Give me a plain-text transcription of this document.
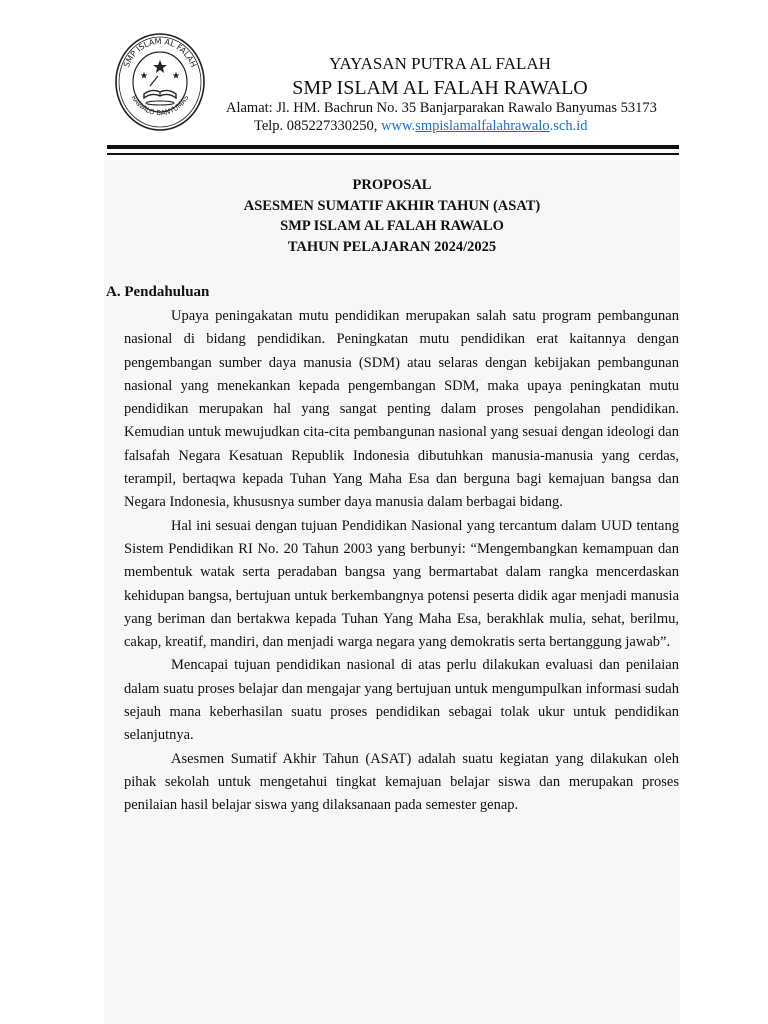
SMP ISLAM AL FALAH
RAWALO BANYUMAS
YAYASAN PUTRA AL FALAH
SMP ISLAM AL FALAH RAWALO
Alamat: Jl. HM. Bachrun No. 35 Banjarparakan Rawalo Banyumas 53173
Telp. 085227330250, www.smpislamalfalahrawalo.sch.id
PROPOSAL
ASESMEN SUMATIF AKHIR TAHUN (ASAT)
SMP ISLAM AL FALAH RAWALO
TAHUN PELAJARAN 2024/2025
A. Pendahuluan

Upaya peningakatan mutu pendidikan merupakan salah satu program pembangunan nasional di bidang pendidikan. Peningkatan mutu pendidikan erat kaitannya dengan pengembangan sumber daya manusia (SDM) atau selaras dengan kebijakan pembangunan nasional yang menekankan kepada pengembangan SDM, maka upaya peningkatan mutu pendidikan merupakan hal yang sangat penting dalam proses pengolahan pendidikan. Kemudian untuk mewujudkan cita-cita pembangunan nasional yang sesuai dengan ideologi dan falsafah Negara Kesatuan Republik Indonesia dibutuhkan manusia-manusia yang cerdas, terampil, bertaqwa kepada Tuhan Yang Maha Esa dan berguna bagi kemajuan bangsa dan Negara Indonesia, khususnya sumber daya manusia dalam berbagai bidang.

Hal ini sesuai dengan tujuan Pendidikan Nasional yang tercantum dalam UUD tentang Sistem Pendidikan RI No. 20 Tahun 2003 yang berbunyi: “Mengembangkan kemampuan dan membentuk watak serta peradaban bangsa yang bermartabat dalam rangka mencerdaskan kehidupan bangsa, bertujuan untuk berkembangnya potensi peserta didik agar menjadi manusia yang beriman dan bertakwa kepada Tuhan Yang Maha Esa, berakhlak mulia, sehat, berilmu, cakap, kreatif, mandiri, dan menjadi warga negara yang demokratis serta bertanggung jawab”.

Mencapai tujuan pendidikan nasional di atas perlu dilakukan evaluasi dan penilaian dalam suatu proses belajar dan mengajar yang bertujuan untuk mengumpulkan informasi sudah sejauh mana keberhasilan suatu proses pendidikan sebagai tolak ukur untuk pendidikan selanjutnya.

Asesmen Sumatif Akhir Tahun (ASAT) adalah suatu kegiatan yang dilakukan oleh pihak sekolah untuk mengetahui tingkat kemajuan belajar siswa dan merupakan proses penilaian hasil belajar siswa yang dilaksanaan pada semester genap.
